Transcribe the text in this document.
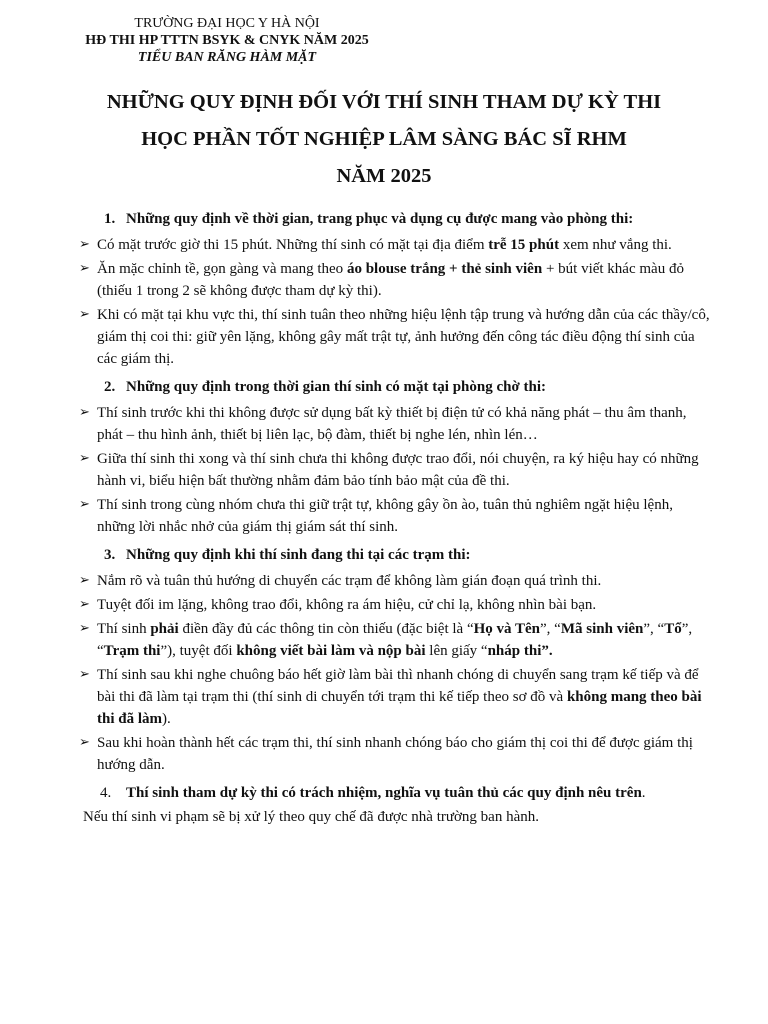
TRƯỜNG ĐẠI HỌC Y HÀ NỘI
HĐ THI HP TTTN BSYK & CNYK NĂM 2025
TIỂU BAN RĂNG HÀM MẶT
NHỮNG QUY ĐỊNH ĐỐI VỚI THÍ SINH THAM DỰ KỲ THI
HỌC PHẦN TỐT NGHIỆP LÂM SÀNG BÁC SĨ RHM
NĂM 2025
1. Những quy định về thời gian, trang phục và dụng cụ được mang vào phòng thi:
➢ Có mặt trước giờ thi 15 phút. Những thí sinh có mặt tại địa điểm trễ 15 phút xem như vắng thi.
➢ Ăn mặc chỉnh tề, gọn gàng và mang theo áo blouse trắng + thẻ sinh viên + bút viết khác màu đỏ (thiếu 1 trong 2 sẽ không được tham dự kỳ thi).
➢ Khi có mặt tại khu vực thi, thí sinh tuân theo những hiệu lệnh tập trung và hướng dẫn của các thầy/cô, giám thị coi thi: giữ yên lặng, không gây mất trật tự, ảnh hưởng đến công tác điều động thí sinh của các giám thị.
2. Những quy định trong thời gian thí sinh có mặt tại phòng chờ thi:
➢ Thí sinh trước khi thi không được sử dụng bất kỳ thiết bị điện tử có khả năng phát – thu âm thanh, phát – thu hình ảnh, thiết bị liên lạc, bộ đàm, thiết bị nghe lén, nhìn lén…
➢ Giữa thí sinh thi xong và thí sinh chưa thi không được trao đổi, nói chuyện, ra ký hiệu hay có những hành vi, biểu hiện bất thường nhằm đảm bảo tính bảo mật của đề thi.
➢ Thí sinh trong cùng nhóm chưa thi giữ trật tự, không gây ồn ào, tuân thủ nghiêm ngặt hiệu lệnh, những lời nhắc nhở của giám thị giám sát thí sinh.
3. Những quy định khi thí sinh đang thi tại các trạm thi:
➢ Nắm rõ và tuân thủ hướng di chuyển các trạm để không làm gián đoạn quá trình thi.
➢ Tuyệt đối im lặng, không trao đổi, không ra ám hiệu, cử chỉ lạ, không nhìn bài bạn.
➢ Thí sinh phải điền đầy đủ các thông tin còn thiếu (đặc biệt là “Họ và Tên”, “Mã sinh viên”, “Tổ”, “Trạm thi”), tuyệt đối không viết bài làm và nộp bài lên giấy “nháp thi”.
➢ Thí sinh sau khi nghe chuông báo hết giờ làm bài thì nhanh chóng di chuyển sang trạm kế tiếp và để bài thi đã làm tại trạm thi (thí sinh di chuyển tới trạm thi kế tiếp theo sơ đồ và không mang theo bài thi đã làm).
➢ Sau khi hoàn thành hết các trạm thi, thí sinh nhanh chóng báo cho giám thị coi thi để được giám thị hướng dẫn.
4. Thí sinh tham dự kỳ thi có trách nhiệm, nghĩa vụ tuân thủ các quy định nêu trên.
Nếu thí sinh vi phạm sẽ bị xử lý theo quy chế đã được nhà trường ban hành.
